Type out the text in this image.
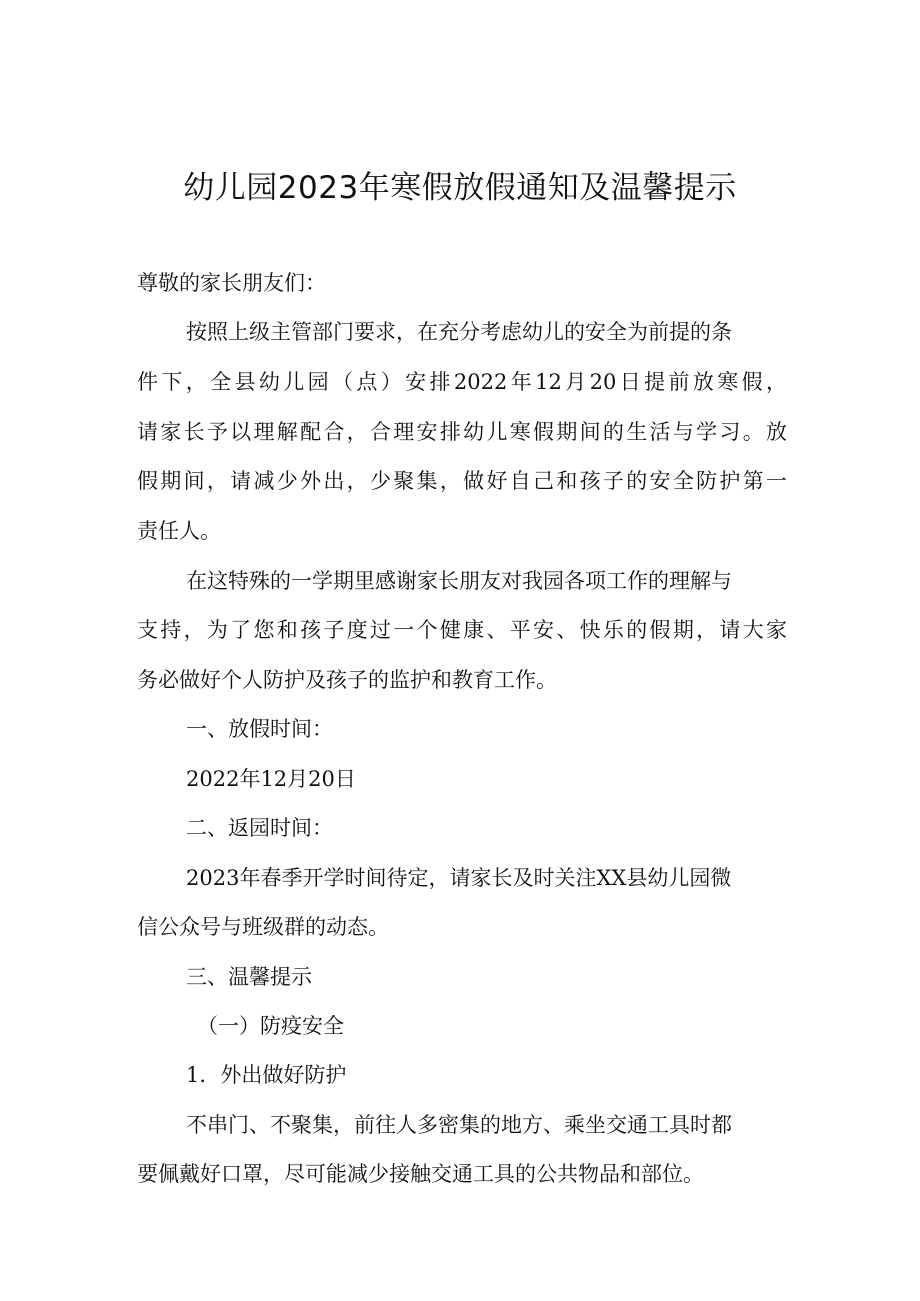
幼儿园2023年寒假放假通知及温馨提示
尊敬的家长朋友们：
按照上级主管部门要求，在充分考虑幼儿的安全为前提的条
件下，全县幼儿园（点）安排2022年12月20日提前放寒假，
请家长予以理解配合，合理安排幼儿寒假期间的生活与学习。放
假期间，请减少外出，少聚集，做好自己和孩子的安全防护第一
责任人。
在这特殊的一学期里感谢家长朋友对我园各项工作的理解与
支持，为了您和孩子度过一个健康、平安、快乐的假期，请大家
务必做好个人防护及孩子的监护和教育工作。
一、放假时间：
2022年12月20日
二、返园时间：
2023年春季开学时间待定，请家长及时关注XX县幼儿园微
信公众号与班级群的动态。
三、温馨提示
（一）防疫安全
1．外出做好防护
不串门、不聚集，前往人多密集的地方、乘坐交通工具时都
要佩戴好口罩，尽可能减少接触交通工具的公共物品和部位。
